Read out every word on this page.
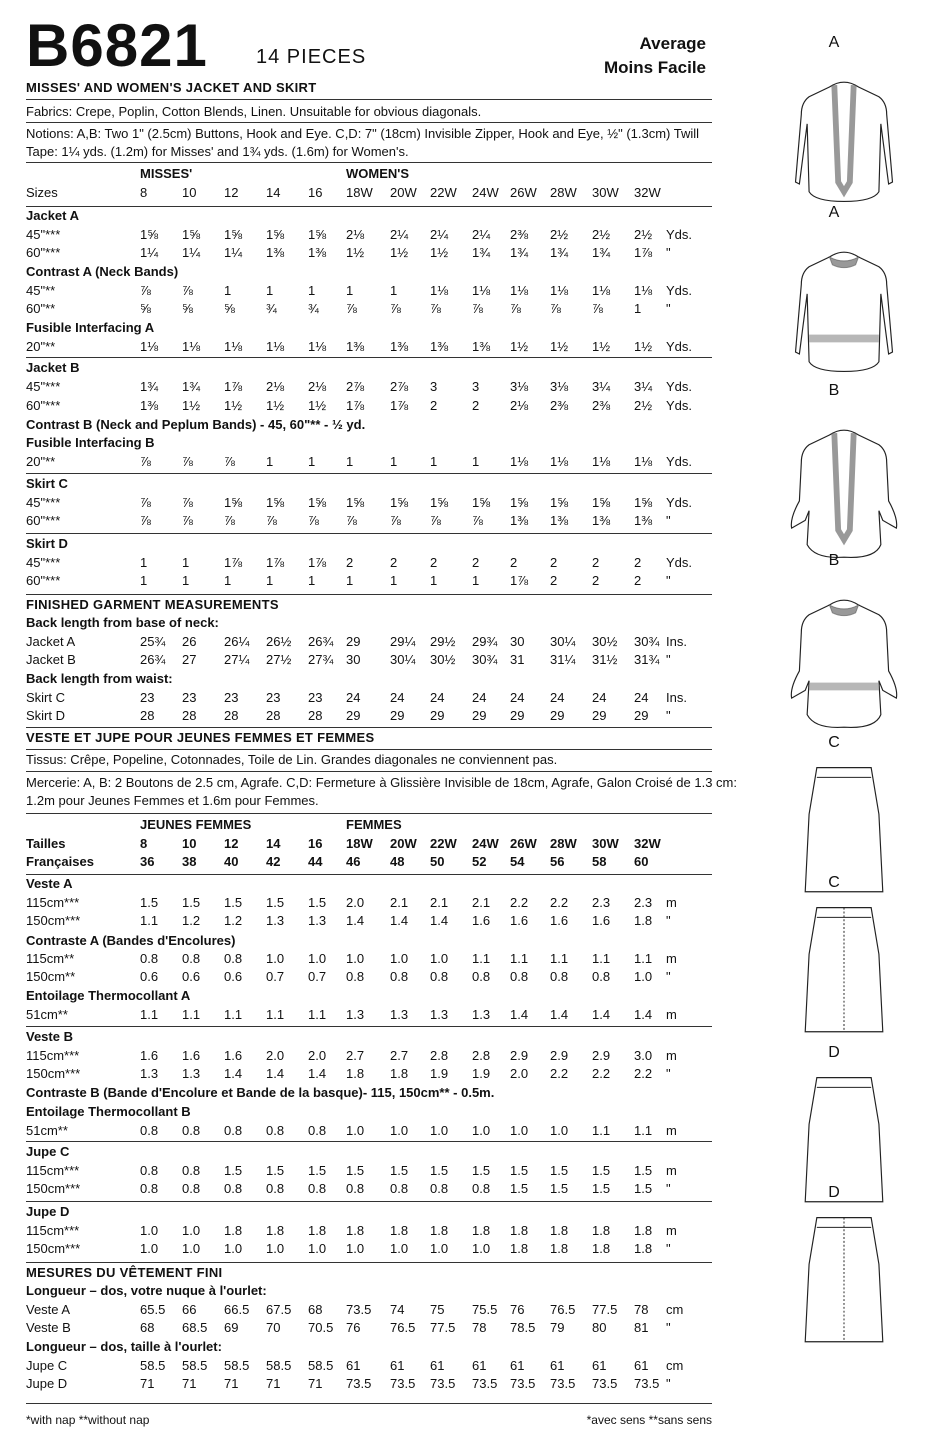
B6821 14 PIECES
MISSES' AND WOMEN'S JACKET AND SKIRT
Average
Moins Facile
Fabrics: Crepe, Poplin, Cotton Blends, Linen. Unsuitable for obvious diagonals.
Notions: A,B: Two 1" (2.5cm) Buttons, Hook and Eye. C,D: 7" (18cm) Invisible Zipper, Hook and Eye, ½" (1.3cm) Twill
Tape: 1¼ yds. (1.2m) for Misses' and 1¾ yds. (1.6m) for Women's.
MISSES'	WOMEN'S
Sizes	8	10 12 14 16 18W 20W 22W 24W 26W 28W 30W 32W
Jacket A
45"***	1⅝ 1⅝ 1⅝ 1⅝ 1⅝ 2⅛ 2¼ 2¼ 2¼ 2⅜ 2½ 2½ 2½ Yds.
60"***	1¼ 1¼ 1¼ 1⅜ 1⅜ 1½ 1½ 1½ 1¾ 1¾ 1¾ 1¾ 1⅞ "
Contrast A (Neck Bands)
45"**	⅞ ⅞ 1	1	1 1	1	1⅛ 1⅛ 1⅛ 1⅛ 1⅛ 1⅛ Yds.
60"**	⅝ ⅝ ⅝ ¾ ¾ ⅞	⅞ ⅞ ⅞ ⅞ ⅞ ⅞ 1 "
Fusible Interfacing A
20"**	1⅛ 1⅛ 1⅛ 1⅛ 1⅛ 1⅜ 1⅜ 1⅜ 1⅜ 1½ 1½ 1½ 1½ Yds.
Jacket B
45"***	1¾ 1¾ 1⅞ 2⅛ 2⅛ 2⅞ 2⅞ 3	3 3⅛ 3⅛ 3¼ 3¼ Yds.
60"***	1⅜ 1½ 1½ 1½ 1½ 1⅞ 1⅞ 2	2 2⅛ 2⅜ 2⅜ 2½ Yds.
Contrast B (Neck and Peplum Bands) - 45, 60"** - ½ yd.
Fusible Interfacing B
20"**	⅞ ⅞ ⅞ 1	1 1	1	1	1 1⅛ 1⅛ 1⅛ 1⅛ Yds.
Skirt C
45"***	⅞ ⅞ 1⅝ 1⅝ 1⅝ 1⅝ 1⅝ 1⅝ 1⅝ 1⅝ 1⅝ 1⅝ 1⅝ Yds.
60"***	⅞ ⅞ ⅞ ⅞ ⅞ ⅞	⅞ ⅞ ⅞ 1⅜ 1⅜ 1⅜ 1⅜ "
Skirt D
45"***	1	1	1⅞ 1⅞ 1⅞ 2	2	2	2 2	2	2	2 Yds.
60"***	1	1	1	1	1 1	1	1	1 1⅞ 2	2	2 "
FINISHED GARMENT MEASUREMENTS
Back length from base of neck:
Jacket A	25¾ 26 26¼ 26½ 26¾ 29 29¼ 29½ 29¾ 30 30¼ 30½ 30¾ Ins.
Jacket B	26¾ 27 27¼ 27½ 27¾ 30 30¼ 30½ 30¾ 31 31¼ 31½ 31¾ "
Back length from waist:
Skirt C	23 23 23 23 23 24 24 24 24 24 24 24 24 Ins.
Skirt D	28 28 28 28 28 29 29 29 29 29 29 29 29 "
VESTE ET JUPE POUR JEUNES FEMMES ET FEMMES
Tissus: Crêpe, Popeline, Cotonnades, Toile de Lin. Grandes diagonales ne conviennent pas.
Mercerie: A, B: 2 Boutons de 2.5 cm, Agrafe. C,D: Fermeture à Glissière Invisible de 18cm, Agrafe, Galon Croisé de 1.3 cm:
1.2m pour Jeunes Femmes et 1.6m pour Femmes.
JEUNES FEMMES	FEMMES
Tailles	8	10 12 14 16 18W 20W 22W 24W 26W 28W 30W 32W
Françaises	36 38 40 42 44 46 48 50 52 54 56 58 60
Veste A
115cm***	1.5 1.5 1.5 1.5 1.5 2.0 2.1 2.1 2.1 2.2 2.2 2.3 2.3 m
150cm***	1.1 1.2 1.2 1.3 1.3 1.4 1.4 1.4 1.6 1.6 1.6 1.6 1.8 "
Contraste A (Bandes d'Encolures)
115cm**	0.8 0.8 0.8 1.0 1.0 1.0 1.0 1.0 1.1 1.1 1.1 1.1 1.1 m
150cm**	0.6 0.6 0.6 0.7 0.7 0.8 0.8 0.8 0.8 0.8 0.8 0.8 1.0 "
Entoilage Thermocollant A
51cm**	1.1 1.1 1.1 1.1 1.1 1.3 1.3 1.3 1.3 1.4 1.4 1.4 1.4 m
Veste B
115cm***	1.6 1.6 1.6 2.0 2.0 2.7 2.7 2.8 2.8 2.9 2.9 2.9 3.0 m
150cm***	1.3 1.3 1.4 1.4 1.4 1.8 1.8 1.9 1.9 2.0 2.2 2.2 2.2 "
Contraste B (Bande d'Encolure et Bande de la basque)- 115, 150cm** - 0.5m.
Entoilage Thermocollant B
51cm**	0.8 0.8 0.8 0.8 0.8 1.0 1.0 1.0 1.0 1.0 1.0 1.1 1.1 m
Jupe C
115cm***	0.8 0.8 1.5 1.5 1.5 1.5 1.5 1.5 1.5 1.5 1.5 1.5 1.5 m
150cm***	0.8 0.8 0.8 0.8 0.8 0.8 0.8 0.8 0.8 1.5 1.5 1.5 1.5 "
Jupe D
115cm***	1.0 1.0 1.8 1.8 1.8 1.8 1.8 1.8 1.8 1.8 1.8 1.8 1.8 m
150cm***	1.0 1.0 1.0 1.0 1.0 1.0 1.0 1.0 1.0 1.8 1.8 1.8 1.8 "
MESURES DU VÊTEMENT FINI
Longueur – dos, votre nuque à l'ourlet:
Veste A	65.5 66 66.5 67.5 68 73.5 74 75 75.5 76 76.5 77.5 78 cm
Veste B	68 68.5 69 70 70.5 76 76.5 77.5 78 78.5 79 80 81 "
Longueur – dos, taille à l'ourlet:
Jupe C	58.5 58.5 58.5 58.5 58.5 61 61 61 61 61 61 61 61 cm
Jupe D	71 71 71 71 71 73.5 73.5 73.5 73.5 73.5 73.5 73.5 73.5 "
A
A
B
B
C
C
D
D
*with nap **without nap	*avec sens **sans sens
